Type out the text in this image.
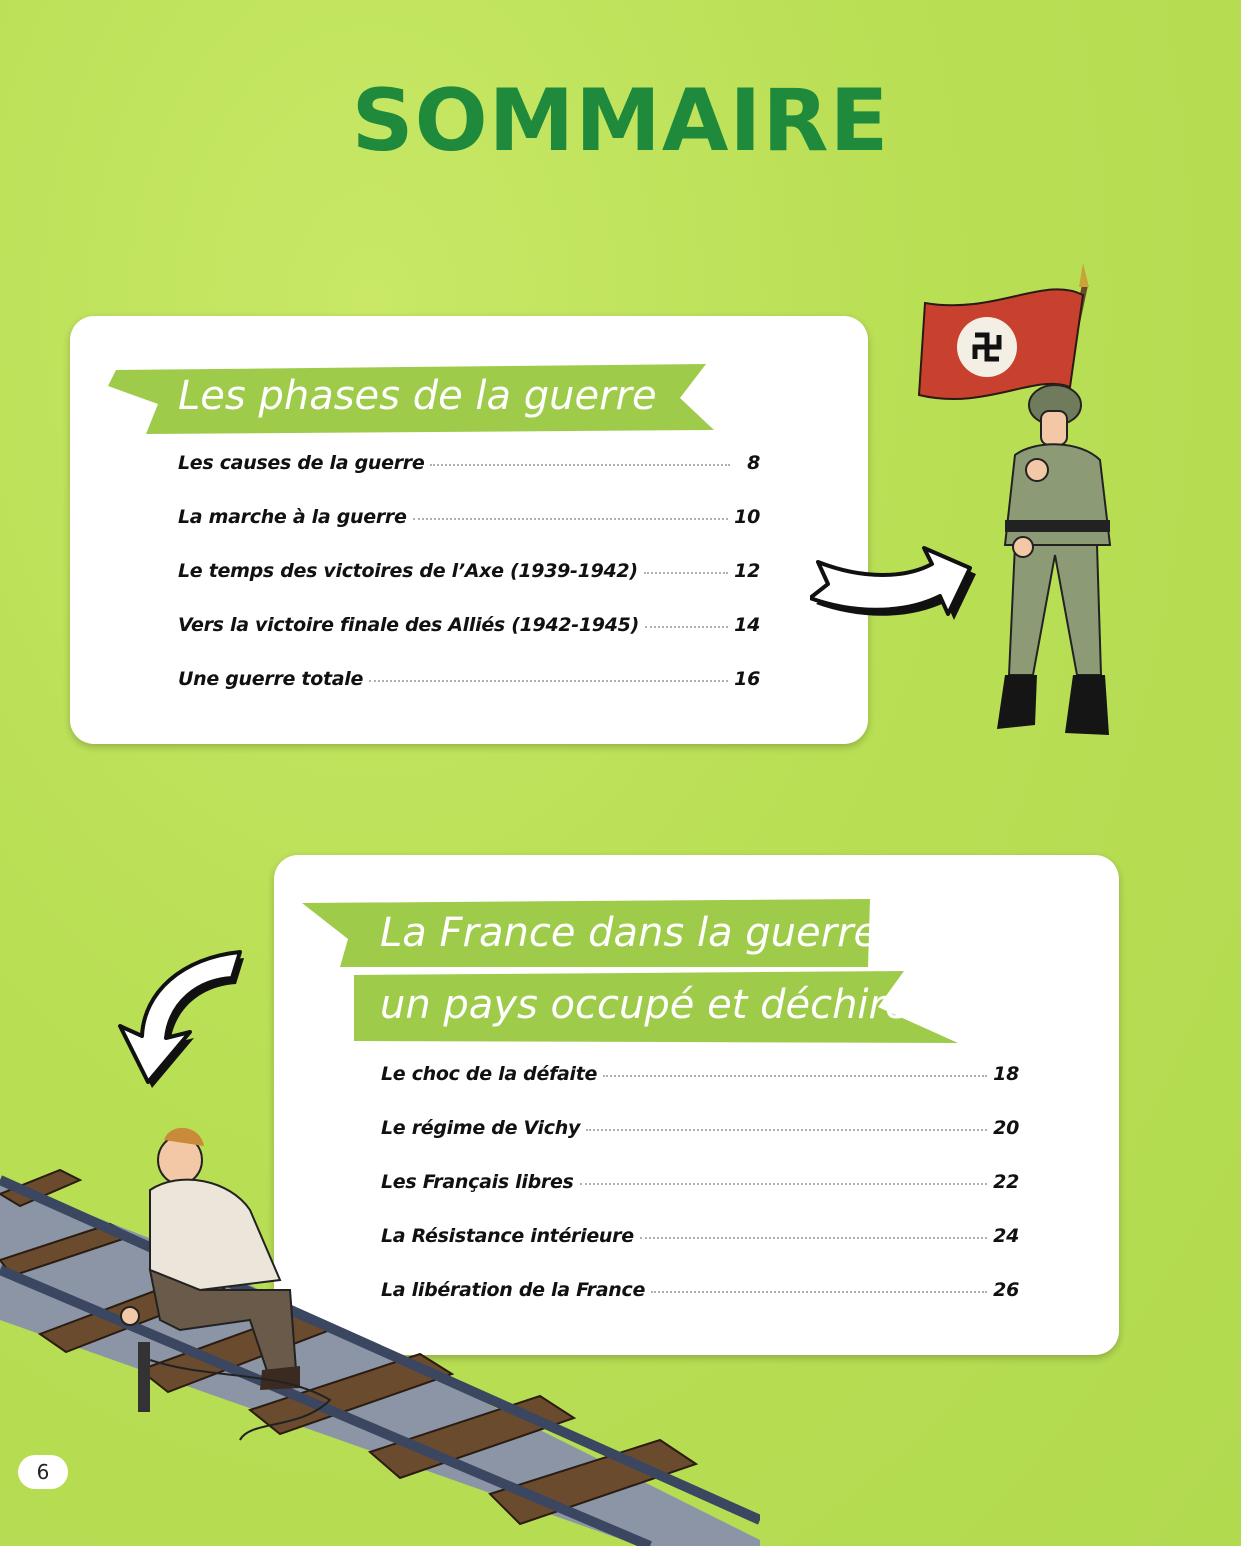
SOMMAIRE
Les phases de la guerre
Les causes de la guerre	8
La marche à la guerre	10
Le temps des victoires de l’Axe (1939-1942)	12
Vers la victoire finale des Alliés (1942-1945)	14
Une guerre totale	16
La France dans la guerre,
un pays occupé et déchiré
Le choc de la défaite	18
Le régime de Vichy	20
Les Français libres	22
La Résistance intérieure	24
La libération de la France	26
6
